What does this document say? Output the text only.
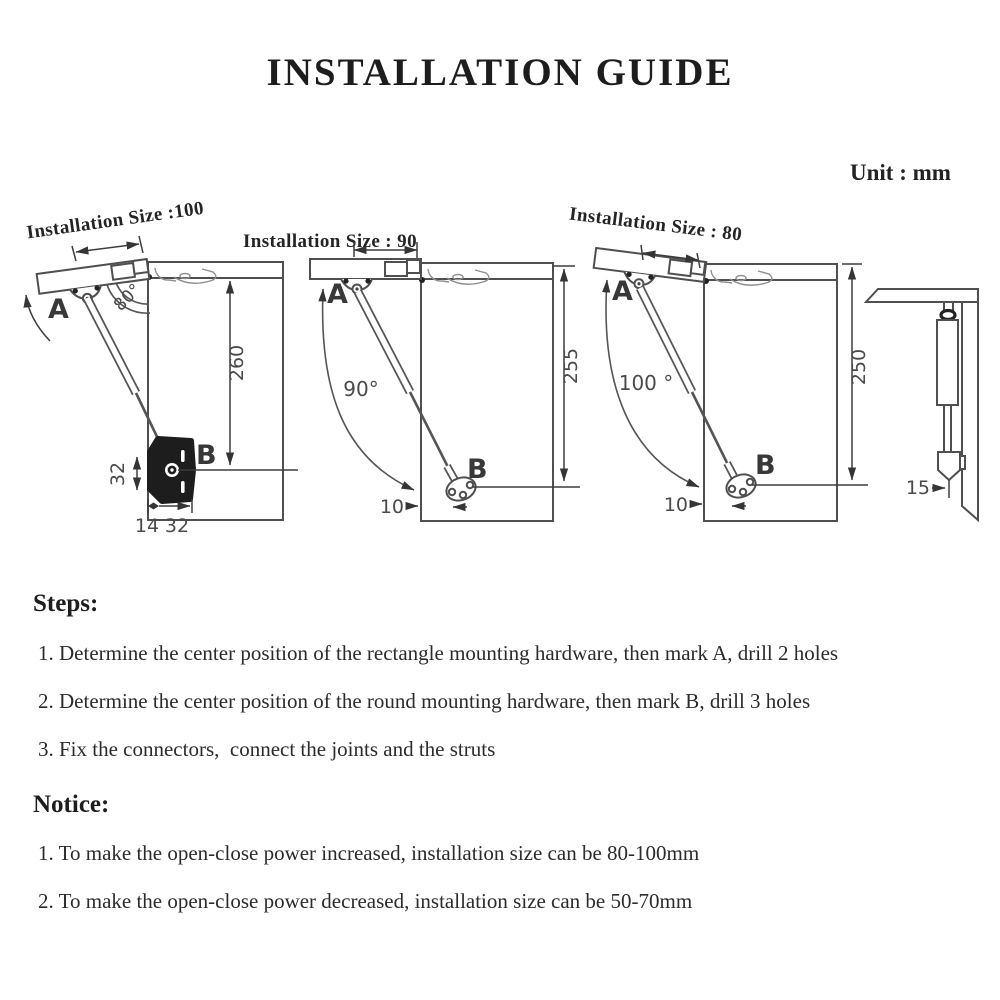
INSTALLATION GUIDE
Unit : mm
80°
A
B
260
32
14 32
Installation Size :100
90°
A
B
255
10
Installation Size : 90
100 °
A
B
250
10
Installation Size : 80
15
Steps:
1. Determine the center position of the rectangle mounting hardware, then mark A, drill 2 holes
2. Determine the center position of the round mounting hardware, then mark B, drill 3 holes
3. Fix the connectors,  connect the joints and the struts
Notice:
1. To make the open-close power increased, installation size can be 80-100mm
2. To make the open-close power decreased, installation size can be 50-70mm
